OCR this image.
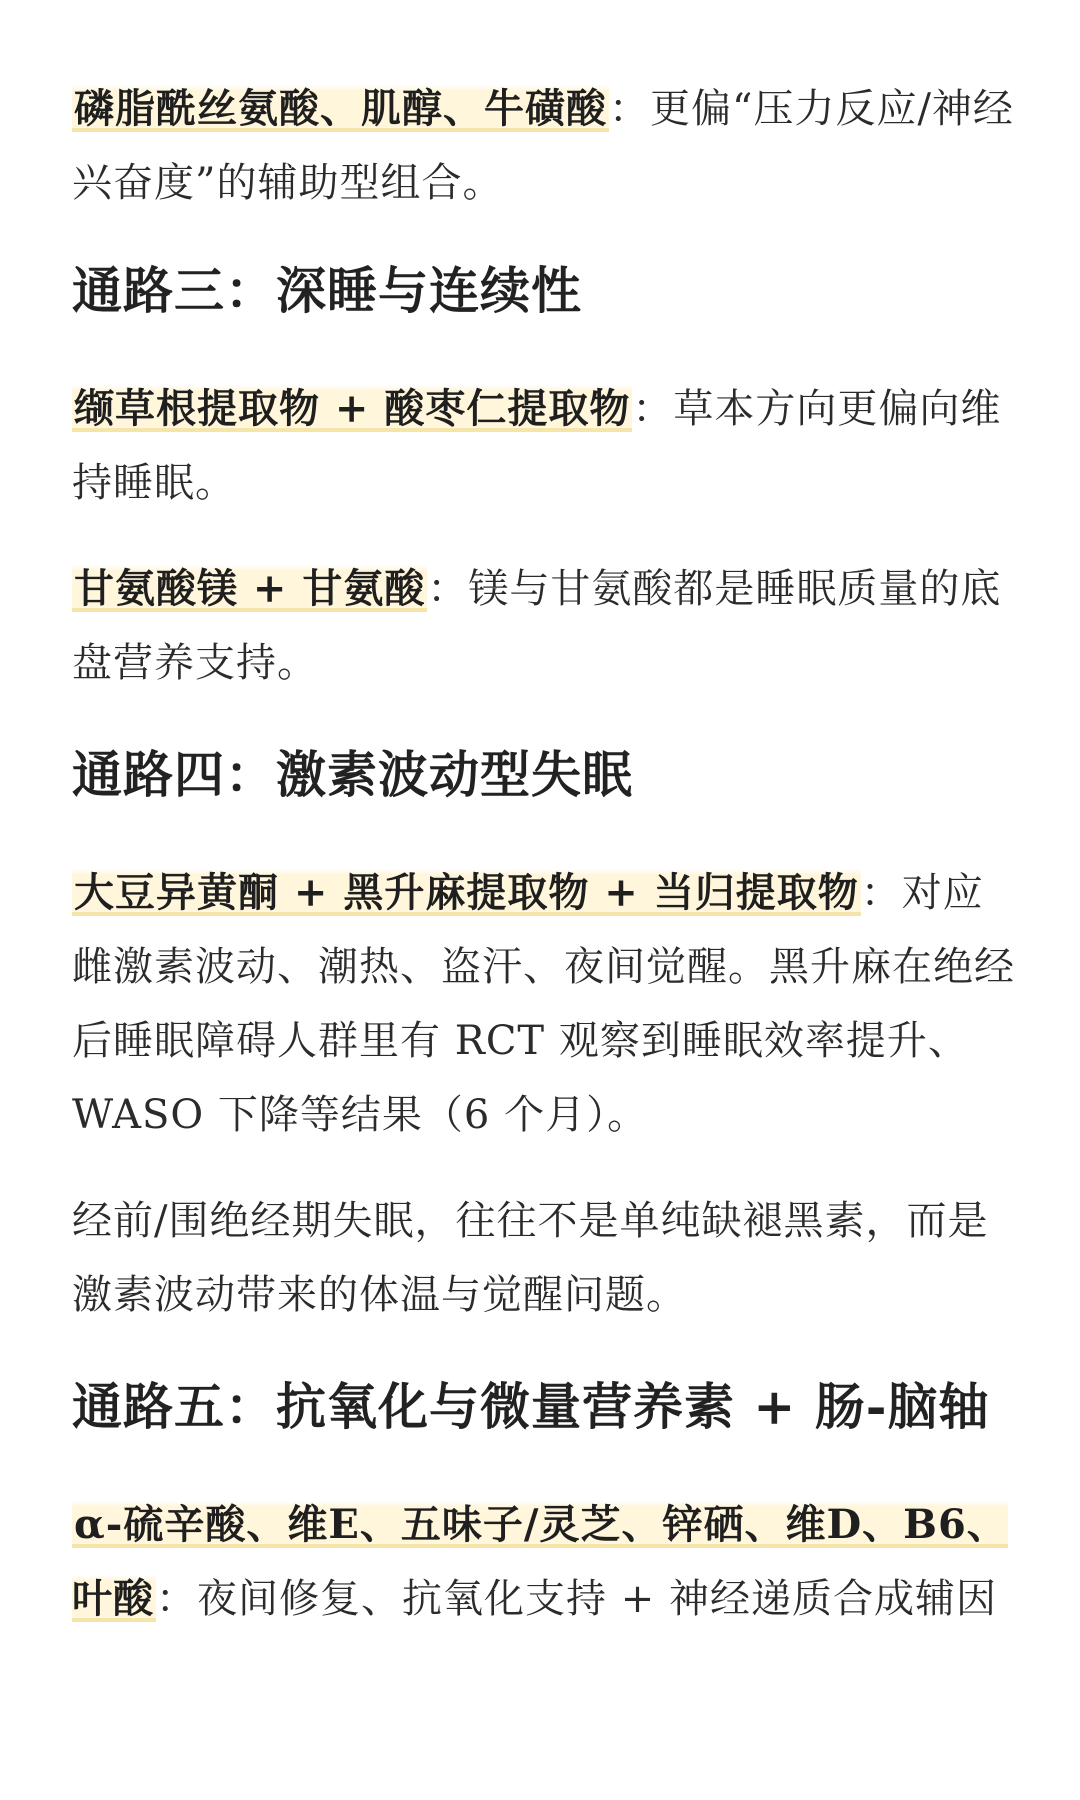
磷脂酰丝氨酸、肌醇、牛磺酸：更偏“压力反应/神经兴奋度”的辅助型组合。

通路三：深睡与连续性

缬草根提取物 + 酸枣仁提取物：草本方向更偏向维持睡眠。

甘氨酸镁 + 甘氨酸：镁与甘氨酸都是睡眠质量的底盘营养支持。

通路四：激素波动型失眠

大豆异黄酮 + 黑升麻提取物 + 当归提取物：对应雌激素波动、潮热、盗汗、夜间觉醒。黑升麻在绝经后睡眠障碍人群里有 RCT 观察到睡眠效率提升、WASO 下降等结果（6 个月）。

经前/围绝经期失眠，往往不是单纯缺褪黑素，而是激素波动带来的体温与觉醒问题。

通路五：抗氧化与微量营养素 + 肠-脑轴

α-硫辛酸、维E、五味子/灵芝、锌硒、维D、B6、叶酸：夜间修复、抗氧化支持 + 神经递质合成辅因
